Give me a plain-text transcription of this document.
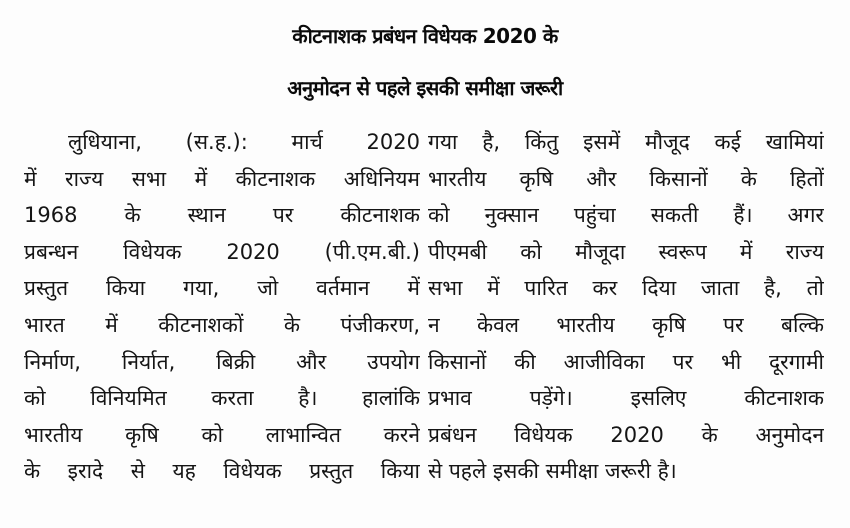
कीटनाशक प्रबंधन विधेयक 2020 के
अनुमोदन से पहले इसकी समीक्षा जरूरी
लुधियाना, (स.ह.): मार्च 2020
में राज्य सभा में कीटनाशक अधिनियम
1968 के स्थान पर कीटनाशक
प्रबन्धन विधेयक 2020 (पी.एम.बी.)
प्रस्तुत किया गया, जो वर्तमान में
भारत में कीटनाशकों के पंजीकरण,
निर्माण, निर्यात, बिक्री और उपयोग
को विनियमित करता है। हालांकि
भारतीय कृषि को लाभान्वित करने
के इरादे से यह विधेयक प्रस्तुत किया
गया है, किंतु इसमें मौजूद कई खामियां
भारतीय कृषि और किसानों के हितों
को नुक्सान पहुंचा सकती हैं। अगर
पीएमबी को मौजूदा स्वरूप में राज्य
सभा में पारित कर दिया जाता है, तो
न केवल भारतीय कृषि पर बल्कि
किसानों की आजीविका पर भी दूरगामी
प्रभाव पड़ेंगे। इसलिए कीटनाशक
प्रबंधन विधेयक 2020 के अनुमोदन
से पहले इसकी समीक्षा जरूरी है।
